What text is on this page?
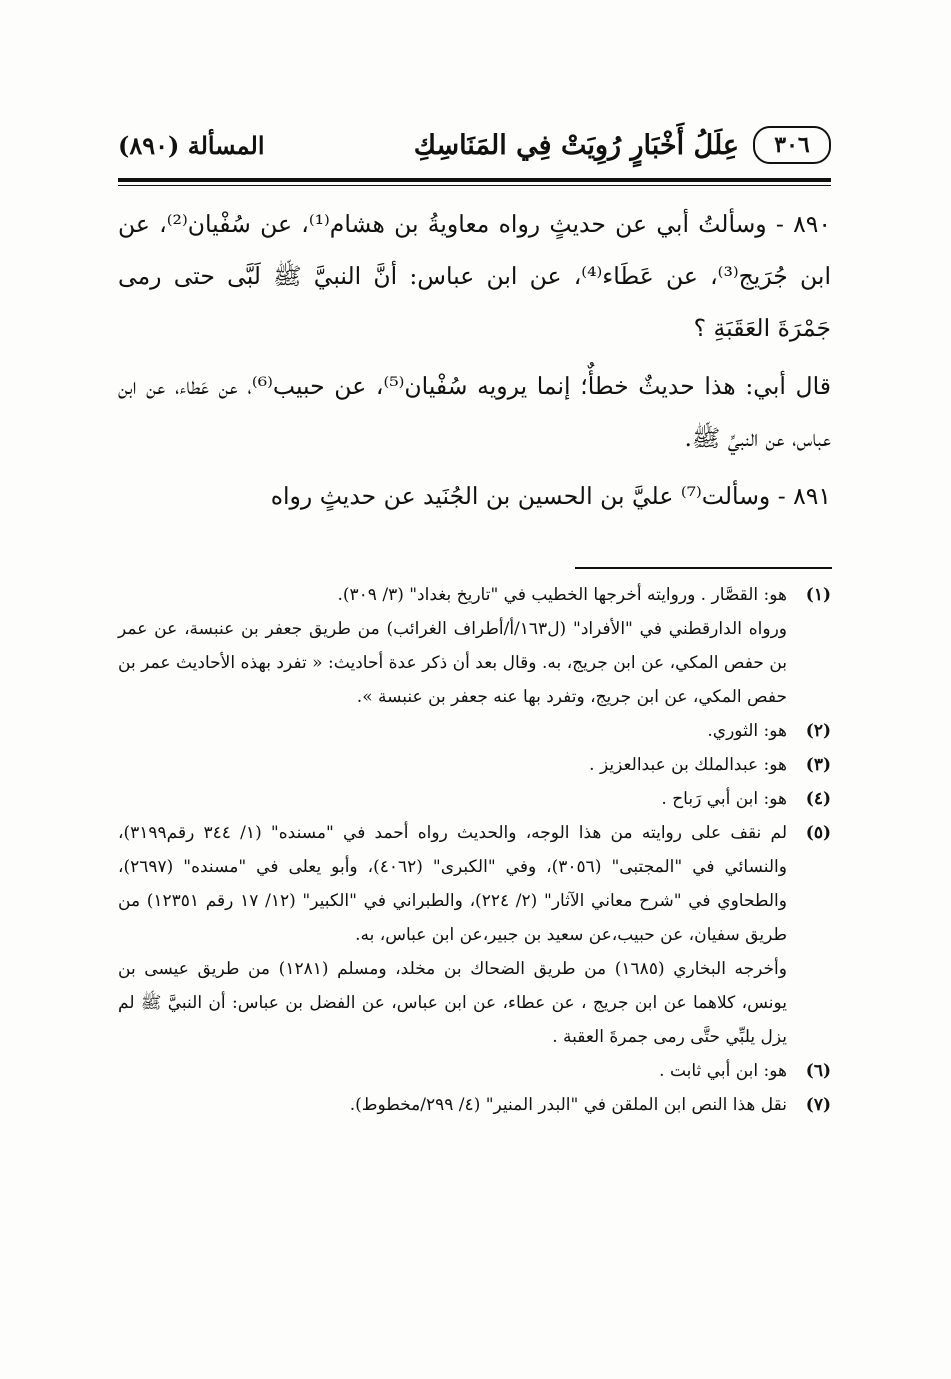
٣٠٦
عِلَلُ أَخْبَارٍ رُوِيَتْ فِي المَنَاسِكِ
المسألة (٨٩٠)

٨٩٠ - وسألتُ أبي عن حديثٍ رواه معاويةُ بن هشام⁽¹⁾، عن سُفْيان⁽²⁾، عن ابن جُرَيج⁽³⁾، عن عَطَاء⁽⁴⁾، عن ابن عباس: أنَّ النبيَّ ﷺ لَبَّى حتى رمى جَمْرَةَ العَقَبَةِ ؟

قال أبي: هذا حديثٌ خطأٌ؛ إنما يرويه سُفْيان⁽⁵⁾، عن حبيب⁽⁶⁾، عن عَطاء، عن ابن عباس، عن النبيِّ ﷺ.

٨٩١ - وسألت⁽⁷⁾ عليَّ بن الحسين بن الجُنَيد عن حديثٍ رواه

(١)
هو: القصَّار . وروايته أخرجها الخطيب في "تاريخ بغداد" (٣/ ٣٠٩).
ورواه الدارقطني في "الأفراد" (ل١٦٣/أ/أطراف الغرائب) من طريق جعفر بن عنبسة، عن عمر بن حفص المكي، عن ابن جريج، به. وقال بعد أن ذكر عدة أحاديث: « تفرد بهذه الأحاديث عمر بن حفص المكي، عن ابن جريج، وتفرد بها عنه جعفر بن عنبسة ».
(٢)
هو: الثوري.
(٣)
هو: عبدالملك بن عبدالعزيز .
(٤)
هو: ابن أبي رَباح .
(٥)
لم نقف على روايته من هذا الوجه، والحديث رواه أحمد في "مسنده" (١/ ٣٤٤ رقم٣١٩٩)، والنسائي في "المجتبى" (٣٠٥٦)، وفي "الكبرى" (٤٠٦٢)، وأبو يعلى في "مسنده" (٢٦٩٧)، والطحاوي في "شرح معاني الآثار" (٢/ ٢٢٤)، والطبراني في "الكبير" (١٢/ ١٧ رقم ١٢٣٥١) من طريق سفيان، عن حبيب،عن سعيد بن جبير،عن ابن عباس، به.
وأخرجه البخاري (١٦٨٥) من طريق الضحاك بن مخلد، ومسلم (١٢٨١) من طريق عيسى بن يونس، كلاهما عن ابن جريج ، عن عطاء، عن ابن عباس، عن الفضل بن عباس: أن النبيَّ ﷺ لم يزل يلبِّي حتَّى رمى جمرةَ العقبة .
(٦)
هو: ابن أبي ثابت .
(٧)
نقل هذا النص ابن الملقن في "البدر المنير" (٤/ ٢٩٩/مخطوط).
